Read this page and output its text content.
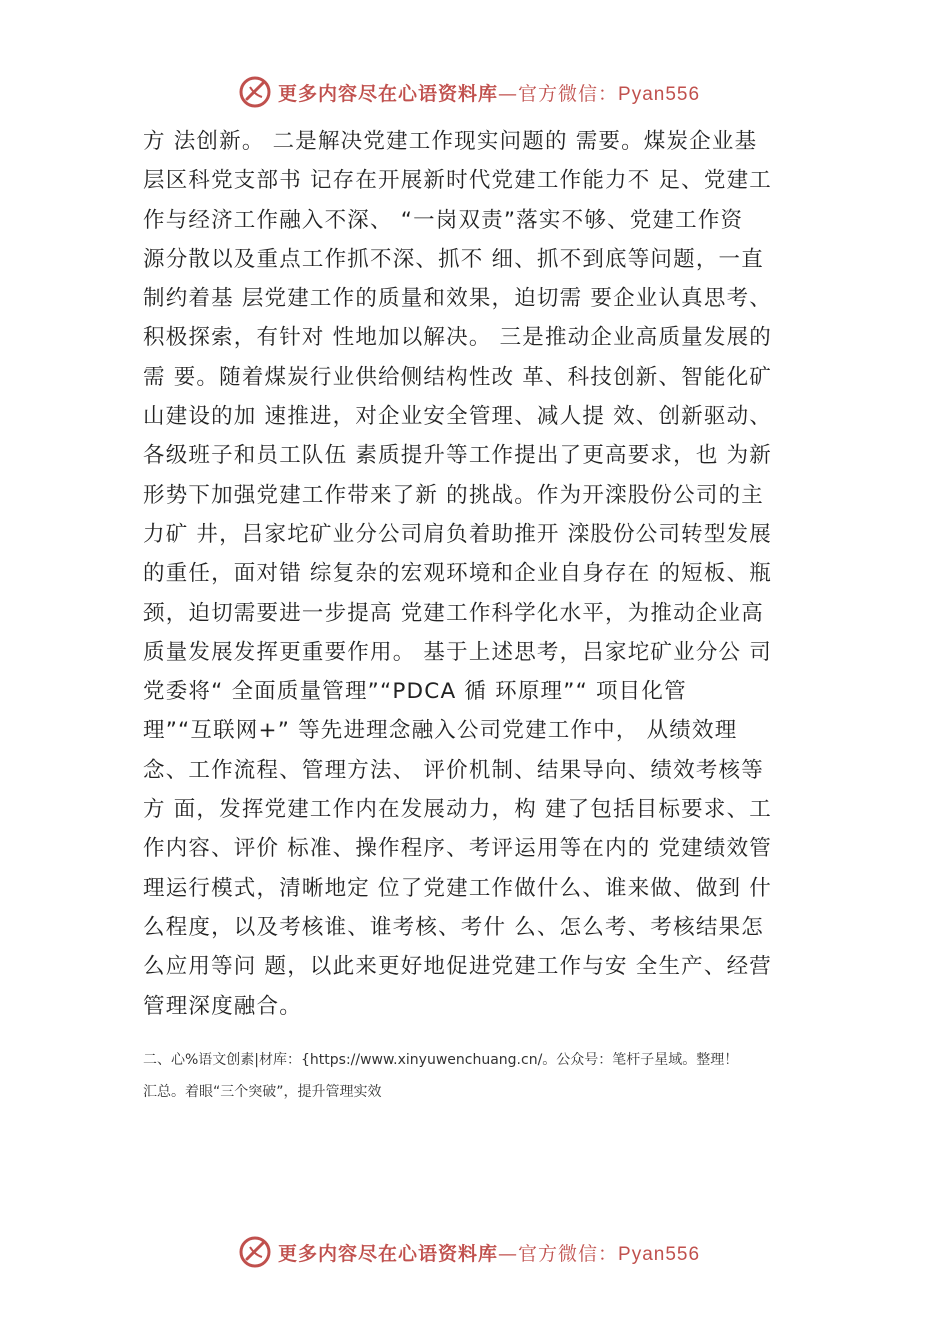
更多内容尽在心语资料库—官方微信：Pyan556
方 法创新。 二是解决党建工作现实问题的 需要。煤炭企业基
层区科党支部书 记存在开展新时代党建工作能力不 足、党建工
作与经济工作融入不深、 “一岗双责”落实不够、党建工作资
源分散以及重点工作抓不深、抓不 细、抓不到底等问题，一直
制约着基 层党建工作的质量和效果，迫切需 要企业认真思考、
积极探索，有针对 性地加以解决。 三是推动企业高质量发展的
需 要。随着煤炭行业供给侧结构性改 革、科技创新、智能化矿
山建设的加 速推进，对企业安全管理、减人提 效、创新驱动、
各级班子和员工队伍 素质提升等工作提出了更高要求，也 为新
形势下加强党建工作带来了新 的挑战。作为开滦股份公司的主
力矿 井，吕家坨矿业分公司肩负着助推开 滦股份公司转型发展
的重任，面对错 综复杂的宏观环境和企业自身存在 的短板、瓶
颈，迫切需要进一步提高 党建工作科学化水平，为推动企业高
质量发展发挥更重要作用。 基于上述思考，吕家坨矿业分公 司
党委将“ 全面质量管理”“PDCA 循 环原理”“ 项目化管
理”“互联网+” 等先进理念融入公司党建工作中， 从绩效理
念、工作流程、管理方法、 评价机制、结果导向、绩效考核等
方 面，发挥党建工作内在发展动力，构 建了包括目标要求、工
作内容、评价 标准、操作程序、考评运用等在内的 党建绩效管
理运行模式，清晰地定 位了党建工作做什么、谁来做、做到 什
么程度，以及考核谁、谁考核、考什 么、怎么考、考核结果怎
么应用等问 题，以此来更好地促进党建工作与安 全生产、经营
管理深度融合。
二、心%语文创素|材库：{https://www.xinyuwenchuang.cn/。公众号：笔杆子星域。整理！
汇总。着眼“三个突破”，提升管理实效
更多内容尽在心语资料库—官方微信：Pyan556
